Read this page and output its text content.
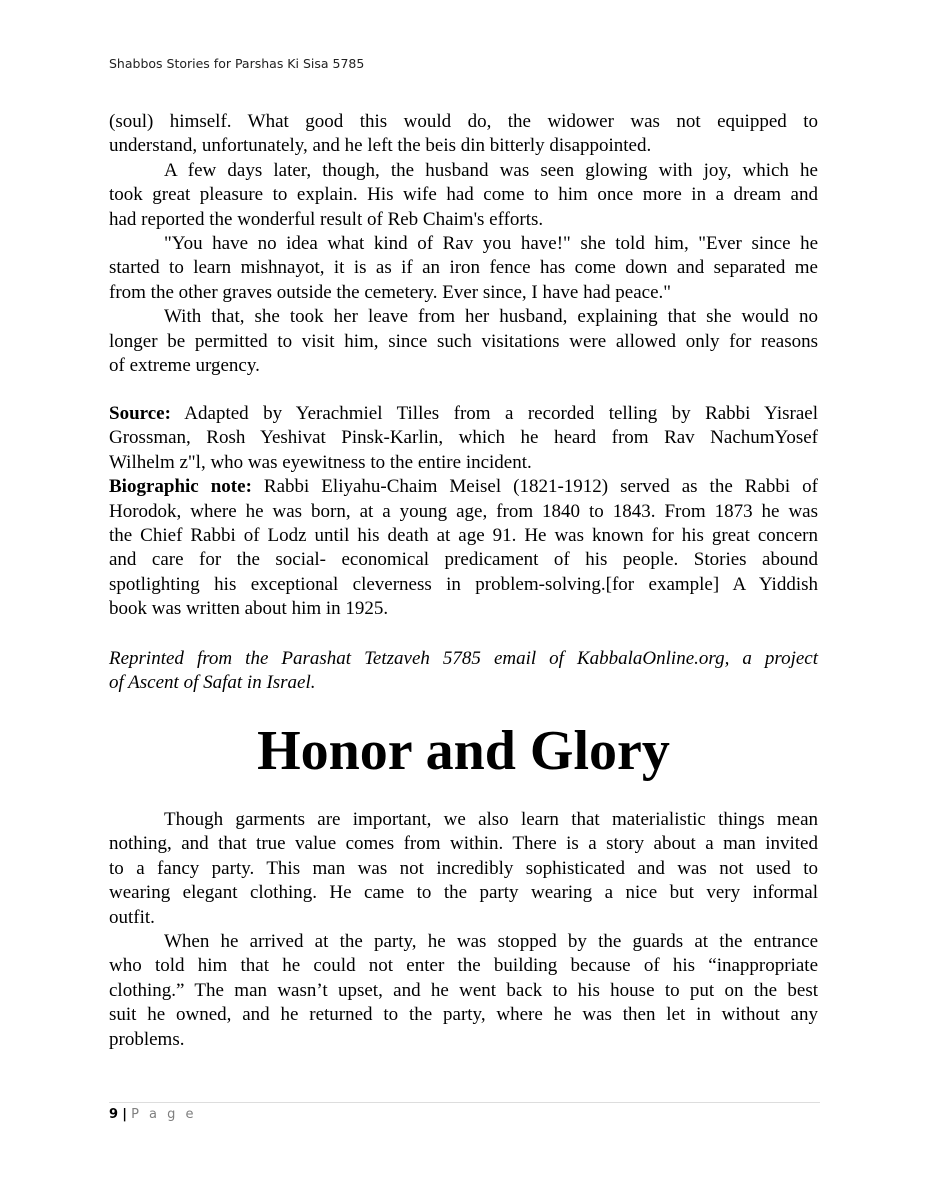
Shabbos Stories for Parshas Ki Sisa 5785
(soul) himself. What good this would do, the widower was not equipped to
understand, unfortunately, and he left the beis din bitterly disappointed.
A few days later, though, the husband was seen glowing with joy, which he
took great pleasure to explain. His wife had come to him once more in a dream and
had reported the wonderful result of Reb Chaim's efforts.
"You have no idea what kind of Rav you have!" she told him, "Ever since he
started to learn mishnayot, it is as if an iron fence has come down and separated me
from the other graves outside the cemetery. Ever since, I have had peace."
With that, she took her leave from her husband, explaining that she would no
longer be permitted to visit him, since such visitations were allowed only for reasons
of extreme urgency.
Source: Adapted by Yerachmiel Tilles from a recorded telling by Rabbi Yisrael
Grossman, Rosh Yeshivat Pinsk-Karlin, which he heard from Rav NachumYosef
Wilhelm z"l, who was eyewitness to the entire incident.
Biographic note: Rabbi Eliyahu-Chaim Meisel (1821-1912) served as the Rabbi of
Horodok, where he was born, at a young age, from 1840 to 1843. From 1873 he was
the Chief Rabbi of Lodz until his death at age 91. He was known for his great concern
and care for the social- economical predicament of his people. Stories abound
spotlighting his exceptional cleverness in problem-solving.[for example] A Yiddish
book was written about him in 1925.
Reprinted from the Parashat Tetzaveh 5785 email of KabbalaOnline.org, a project
of Ascent of Safat in Israel.
Honor and Glory
Though garments are important, we also learn that materialistic things mean
nothing, and that true value comes from within. There is a story about a man invited
to a fancy party. This man was not incredibly sophisticated and was not used to
wearing elegant clothing. He came to the party wearing a nice but very informal
outfit.
When he arrived at the party, he was stopped by the guards at the entrance
who told him that he could not enter the building because of his “inappropriate
clothing.” The man wasn’t upset, and he went back to his house to put on the best
suit he owned, and he returned to the party, where he was then let in without any
problems.
9 | P a g e
